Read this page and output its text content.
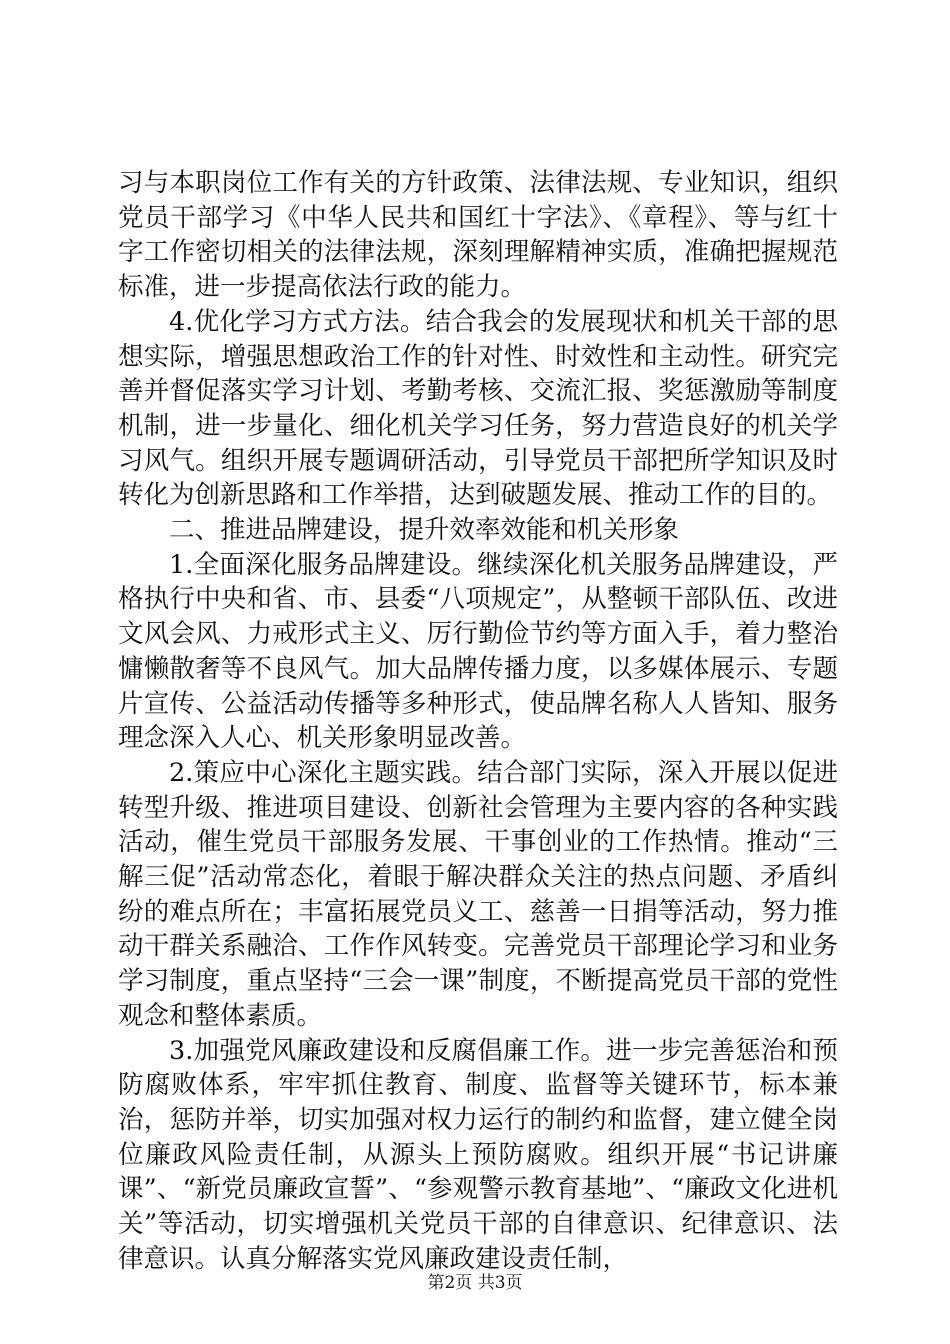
习与本职岗位工作有关的方针政策、法律法规、专业知识，组织党员干部学习《中华人民共和国红十字法》、《章程》、等与红十字工作密切相关的法律法规，深刻理解精神实质，准确把握规范标准，进一步提高依法行政的能力。

4.优化学习方式方法。结合我会的发展现状和机关干部的思想实际，增强思想政治工作的针对性、时效性和主动性。研究完善并督促落实学习计划、考勤考核、交流汇报、奖惩激励等制度机制，进一步量化、细化机关学习任务，努力营造良好的机关学习风气。组织开展专题调研活动，引导党员干部把所学知识及时转化为创新思路和工作举措，达到破题发展、推动工作的目的。

二、推进品牌建设，提升效率效能和机关形象

1.全面深化服务品牌建设。继续深化机关服务品牌建设，严格执行中央和省、市、县委“八项规定”，从整顿干部队伍、改进文风会风、力戒形式主义、厉行勤俭节约等方面入手，着力整治慵懒散奢等不良风气。加大品牌传播力度，以多媒体展示、专题片宣传、公益活动传播等多种形式，使品牌名称人人皆知、服务理念深入人心、机关形象明显改善。

2.策应中心深化主题实践。结合部门实际，深入开展以促进转型升级、推进项目建设、创新社会管理为主要内容的各种实践活动，催生党员干部服务发展、干事创业的工作热情。推动“三解三促”活动常态化，着眼于解决群众关注的热点问题、矛盾纠纷的难点所在；丰富拓展党员义工、慈善一日捐等活动，努力推动干群关系融洽、工作作风转变。完善党员干部理论学习和业务学习制度，重点坚持“三会一课”制度，不断提高党员干部的党性观念和整体素质。

3.加强党风廉政建设和反腐倡廉工作。进一步完善惩治和预防腐败体系，牢牢抓住教育、制度、监督等关键环节，标本兼治，惩防并举，切实加强对权力运行的制约和监督，建立健全岗位廉政风险责任制，从源头上预防腐败。组织开展“书记讲廉课”、“新党员廉政宣誓”、“参观警示教育基地”、“廉政文化进机关”等活动，切实增强机关党员干部的自律意识、纪律意识、法律意识。认真分解落实党风廉政建设责任制，

第2页 共3页
